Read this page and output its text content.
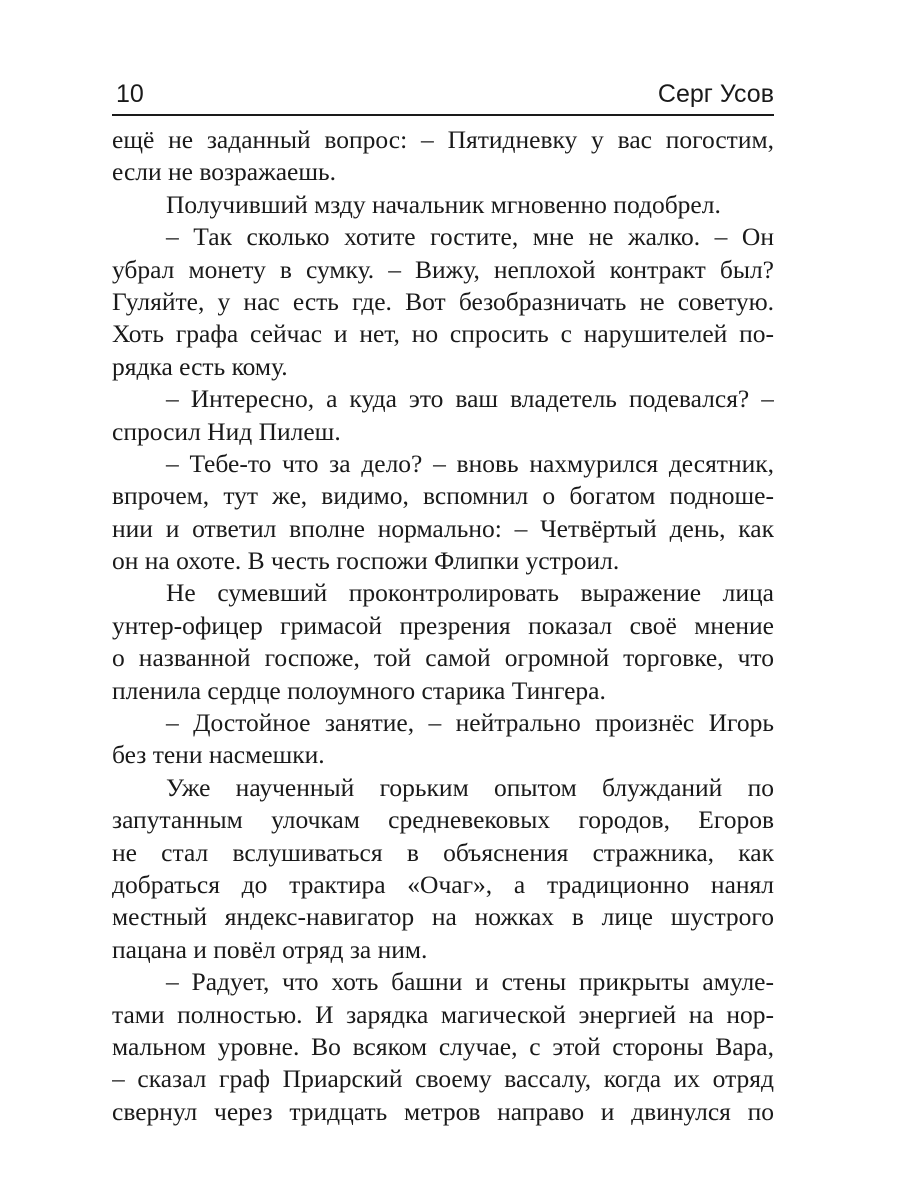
10	Серг Усов
ещё не заданный вопрос: – Пятидневку у вас погостим,
если не возражаешь.
Получивший мзду начальник мгновенно подобрел.
– Так сколько хотите гостите, мне не жалко. – Он
убрал монету в сумку. – Вижу, неплохой контракт был?
Гуляйте, у нас есть где. Вот безобразничать не советую.
Хоть графа сейчас и нет, но спросить с нарушителей по-
рядка есть кому.
– Интересно, а куда это ваш владетель подевался? –
спросил Нид Пилеш.
– Тебе-то что за дело? – вновь нахмурился десятник,
впрочем, тут же, видимо, вспомнил о богатом подноше-
нии и ответил вполне нормально: – Четвёртый день, как
он на охоте. В честь госпожи Флипки устроил.
Не сумевший проконтролировать выражение лица
унтер-офицер гримасой презрения показал своё мнение
о названной госпоже, той самой огромной торговке, что
пленила сердце полоумного старика Тингера.
– Достойное занятие, – нейтрально произнёс Игорь
без тени насмешки.
Уже наученный горьким опытом блужданий по
запутанным улочкам средневековых городов, Егоров
не стал вслушиваться в объяснения стражника, как
добраться до трактира «Очаг», а традиционно нанял
местный яндекс-навигатор на ножках в лице шустрого
пацана и повёл отряд за ним.
– Радует, что хоть башни и стены прикрыты амуле-
тами полностью. И зарядка магической энергией на нор-
мальном уровне. Во всяком случае, с этой стороны Вара,
– сказал граф Приарский своему вассалу, когда их отряд
свернул через тридцать метров направо и двинулся по
